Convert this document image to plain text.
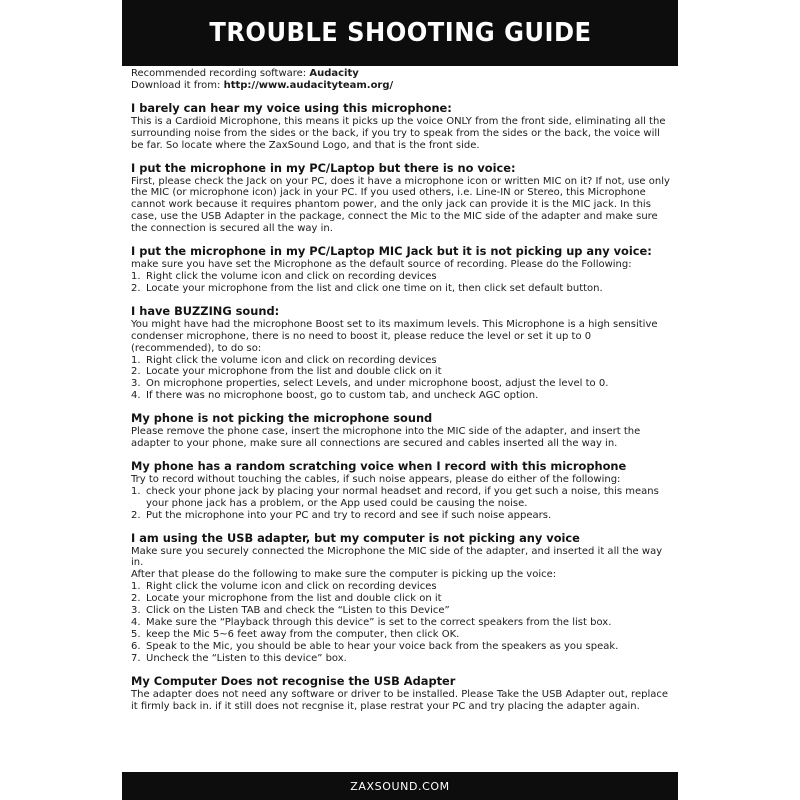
TROUBLE SHOOTING GUIDE

Recommended recording software: Audacity

Download it from: http://www.audacityteam.org/

I barely can hear my voice using this microphone:

This is a Cardioid Microphone, this means it picks up the voice ONLY from the front side, eliminating all the surrounding noise from the sides or the back, if you try to speak from the sides or the back, the voice will be far. So locate where the ZaxSound Logo, and that is the front side.

I put the microphone in my PC/Laptop but there is no voice:

First, please check the Jack on your PC, does it have a microphone icon or written MIC on it? If not, use only the MIC (or microphone icon) jack in your PC. If you used others, i.e. Line-IN or Stereo, this Microphone cannot work because it requires phantom power, and the only jack can provide it is the MIC jack. In this case, use the USB Adapter in the package, connect the Mic to the MIC side of the adapter and make sure the connection is secured all the way in.

I put the microphone in my PC/Laptop MIC Jack but it is not picking up any voice:

make sure you have set the Microphone as the default source of recording. Please do the Following:

1. Right click the volume icon and click on recording devices
2. Locate your microphone from the list and click one time on it, then click set default button.
I have BUZZING sound:

You might have had the microphone Boost set to its maximum levels. This Microphone is a high sensitive condenser microphone, there is no need to boost it, please reduce the level or set it up to 0 (recommended), to do so:

1. Right click the volume icon and click on recording devices
2. Locate your microphone from the list and double click on it
3. On microphone properties, select Levels, and under microphone boost, adjust the level to 0.
4. If there was no microphone boost, go to custom tab, and uncheck AGC option.
My phone is not picking the microphone sound

Please remove the phone case, insert the microphone into the MIC side of the adapter, and insert the adapter to your phone, make sure all connections are secured and cables inserted all the way in.

My phone has a random scratching voice when I record with this microphone

Try to record without touching the cables, if such noise appears, please do either of the following:

1. check your phone jack by placing your normal headset and record, if you get such a noise, this means your phone jack has a problem, or the App used could be causing the noise.
2. Put the microphone into your PC and try to record and see if such noise appears.
I am using the USB adapter, but my computer is not picking any voice

Make sure you securely connected the Microphone the MIC side of the adapter, and inserted it all the way in.

After that please do the following to make sure the computer is picking up the voice:

1. Right click the volume icon and click on recording devices
2. Locate your microphone from the list and double click on it
3. Click on the Listen TAB and check the “Listen to this Device”
4. Make sure the “Playback through this device” is set to the correct speakers from the list box.
5. keep the Mic 5~6 feet away from the computer, then click OK.
6. Speak to the Mic, you should be able to hear your voice back from the speakers as you speak.
7. Uncheck the “Listen to this device” box.
My Computer Does not recognise the USB Adapter

The adapter does not need any software or driver to be installed. Please Take the USB Adapter out, replace it firmly back in. if it still does not recgnise it, plase restrat your PC and try placing the adapter again.

ZAXSOUND.COM
